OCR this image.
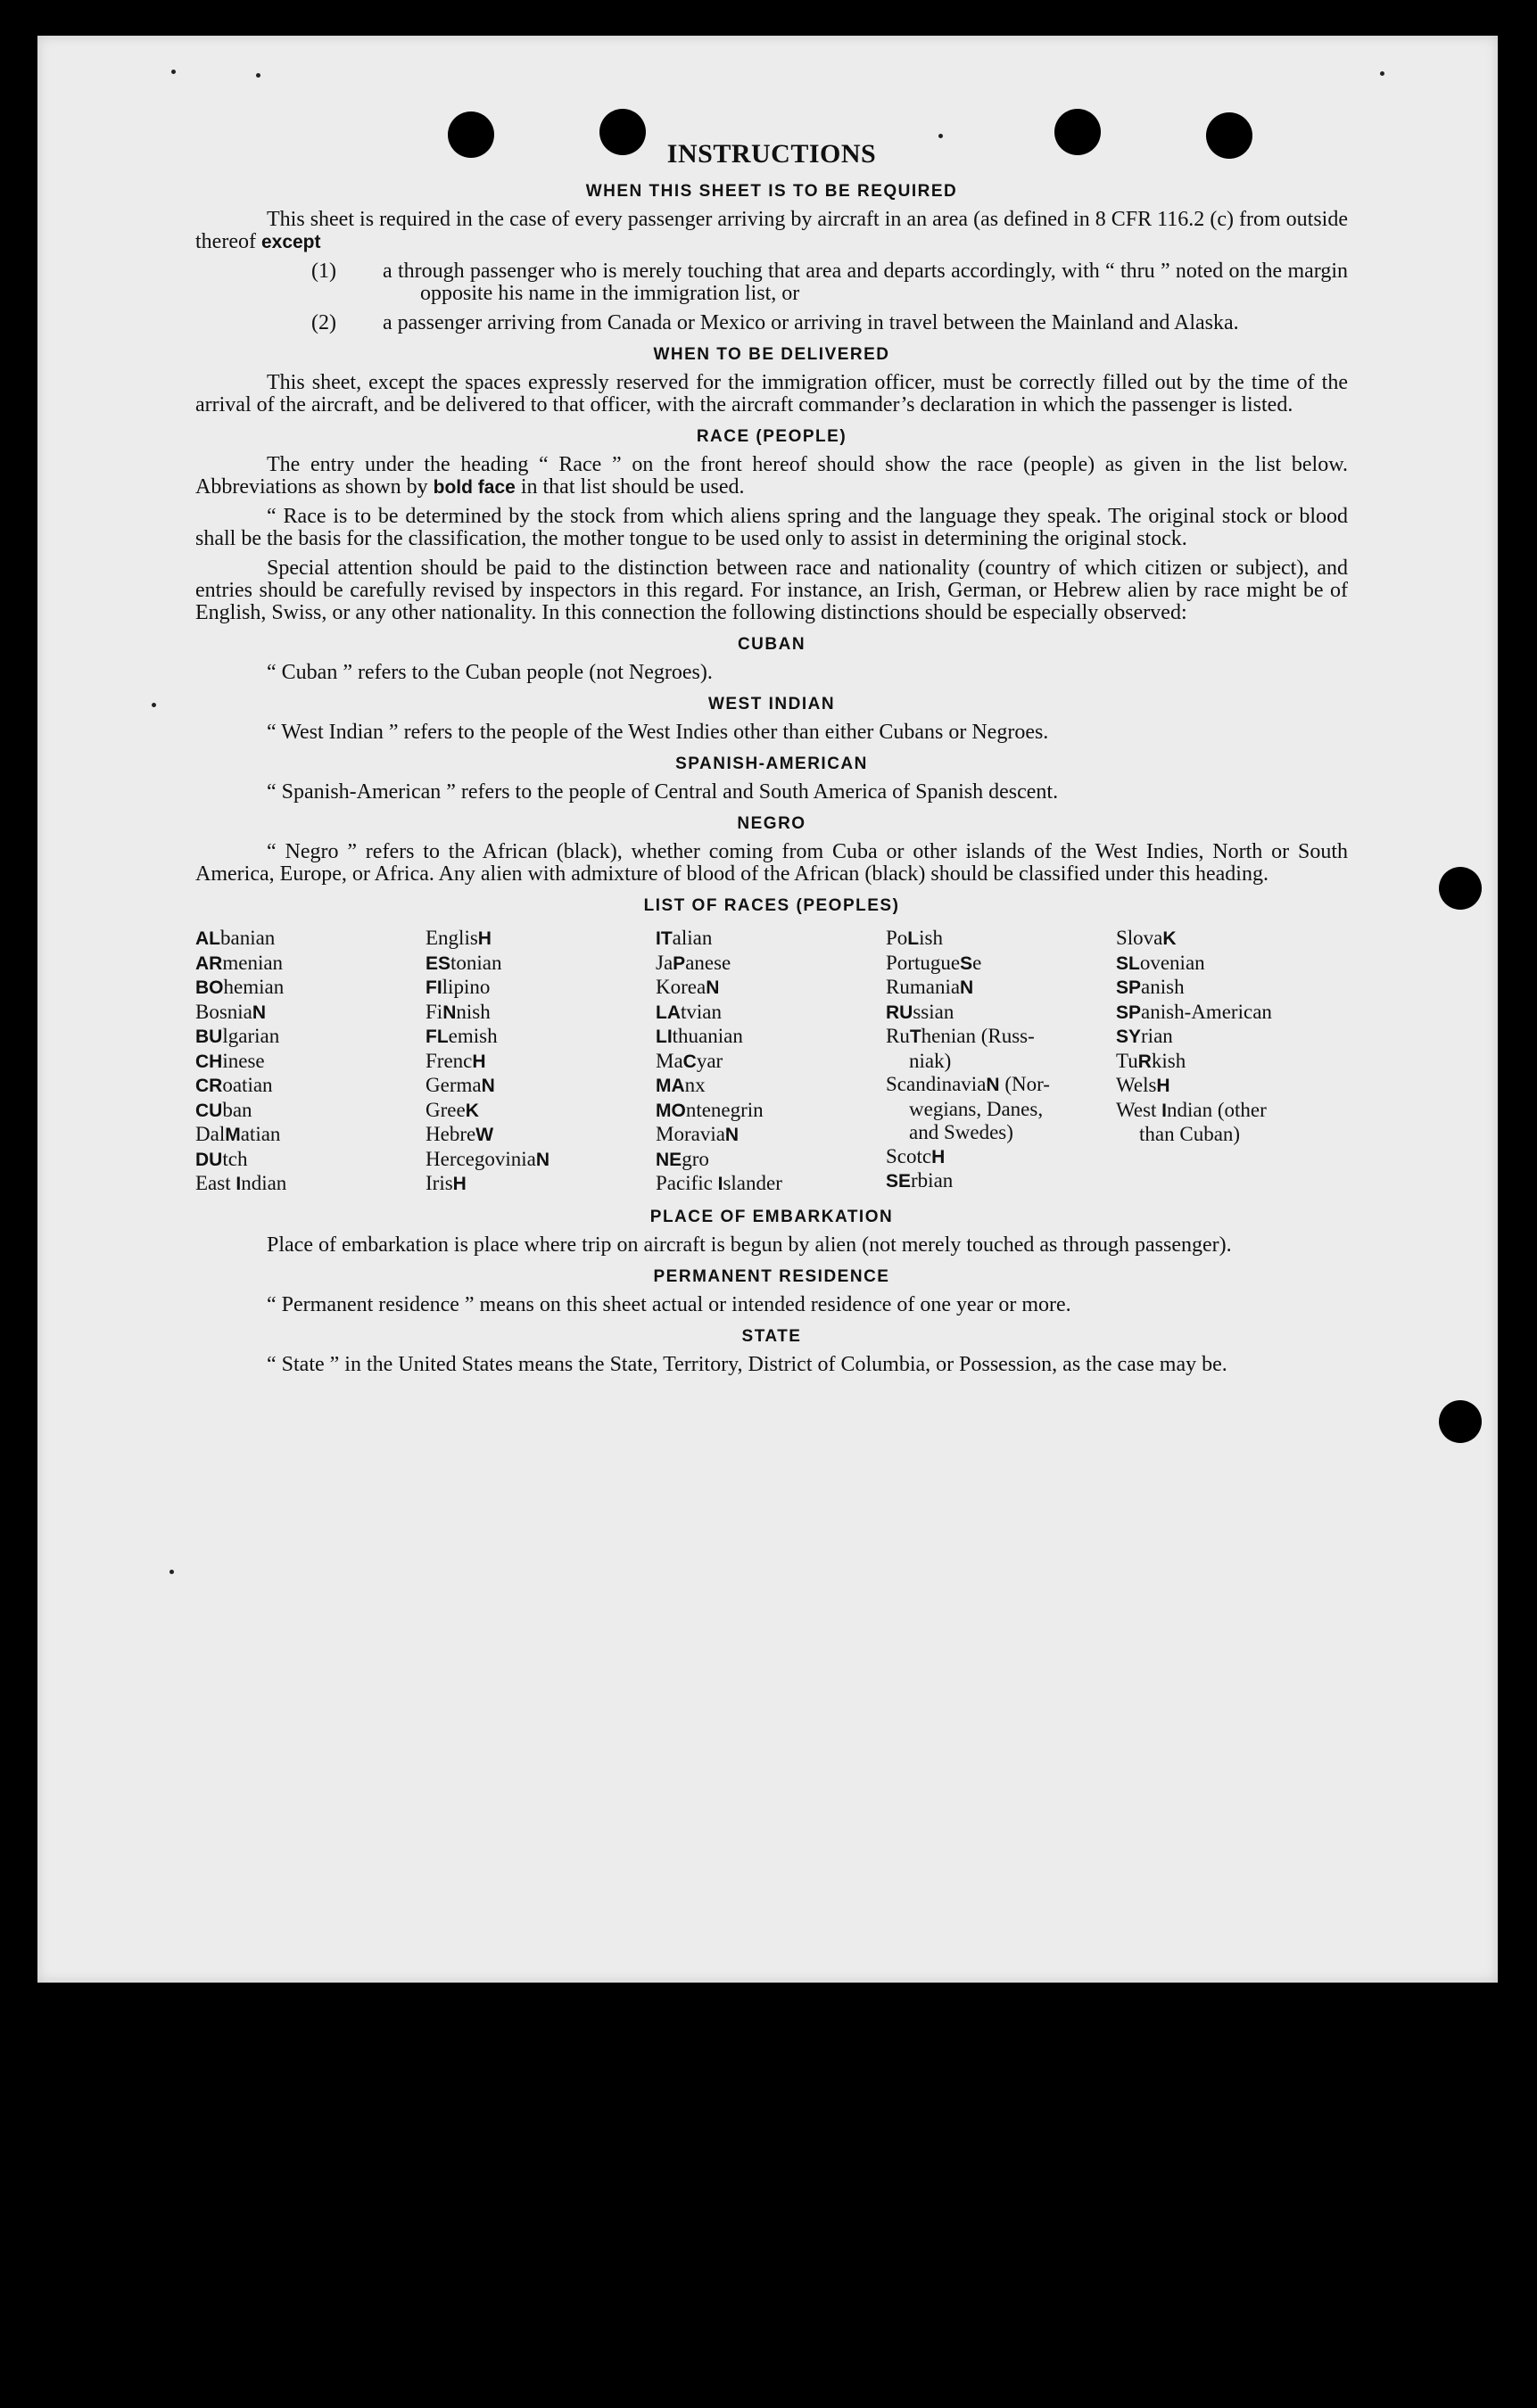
INSTRUCTIONS
WHEN THIS SHEET IS TO BE REQUIRED

This sheet is required in the case of every passenger arriving by aircraft in an area (as defined in 8 CFR 116.2 (c) from outside thereof except

(1)	a through passenger who is merely touching that area and departs accordingly, with “ thru ” noted on the margin opposite his name in the immigration list, or
(2)	a passenger arriving from Canada or Mexico or arriving in travel between the Mainland and Alaska.
WHEN TO BE DELIVERED

This sheet, except the spaces expressly reserved for the immigration officer, must be correctly filled out by the time of the arrival of the aircraft, and be delivered to that officer, with the aircraft commander’s declaration in which the passenger is listed.

RACE (PEOPLE)

The entry under the heading “ Race ” on the front hereof should show the race (people) as given in the list below. Abbreviations as shown by bold face in that list should be used.

“ Race is to be determined by the stock from which aliens spring and the language they speak. The original stock or blood shall be the basis for the classification, the mother tongue to be used only to assist in determining the original stock.

Special attention should be paid to the distinction between race and nationality (country of which citizen or subject), and entries should be carefully revised by inspectors in this regard. For instance, an Irish, German, or Hebrew alien by race might be of English, Swiss, or any other nationality. In this connection the following distinctions should be especially observed:

CUBAN

“ Cuban ” refers to the Cuban people (not Negroes).

WEST INDIAN

“ West Indian ” refers to the people of the West Indies other than either Cubans or Negroes.

SPANISH-AMERICAN

“ Spanish-American ” refers to the people of Central and South America of Spanish descent.

NEGRO

“ Negro ” refers to the African (black), whether coming from Cuba or other islands of the West Indies, North or South America, Europe, or Africa. Any alien with admixture of blood of the African (black) should be classified under this heading.

LIST OF RACES (PEOPLES)
ALbanian
ARmenian
BOhemian
BosniaN
BUlgarian
CHinese
CRoatian
CUban
DalMatian
DUtch
East Indian
EnglisH
EStonian
FIlipino
FiNnish
FLemish
FrencH
GermaN
GreeK
HebreW
HercegoviniaN
IrisH
ITalian
JaPanese
KoreaN
LAtvian
LIthuanian
MaCyar
MAnx
MOntenegrin
MoraviaN
NEgro
Pacific Islander
PoLish
PortugueSe
RumaniaN
RUssian
RuThenian (Russ-
niak)
ScandinaviaN (Nor-
wegians, Danes,
and Swedes)
ScotcH
SErbian
SlovaK
SLovenian
SPanish
SPanish-American
SYrian
TuRkish
WelsH
West Indian (other
than Cuban)
PLACE OF EMBARKATION

Place of embarkation is place where trip on aircraft is begun by alien (not merely touched as through passenger).

PERMANENT RESIDENCE

“ Permanent residence ” means on this sheet actual or intended residence of one year or more.

STATE

“ State ” in the United States means the State, Territory, District of Columbia, or Possession, as the case may be.
